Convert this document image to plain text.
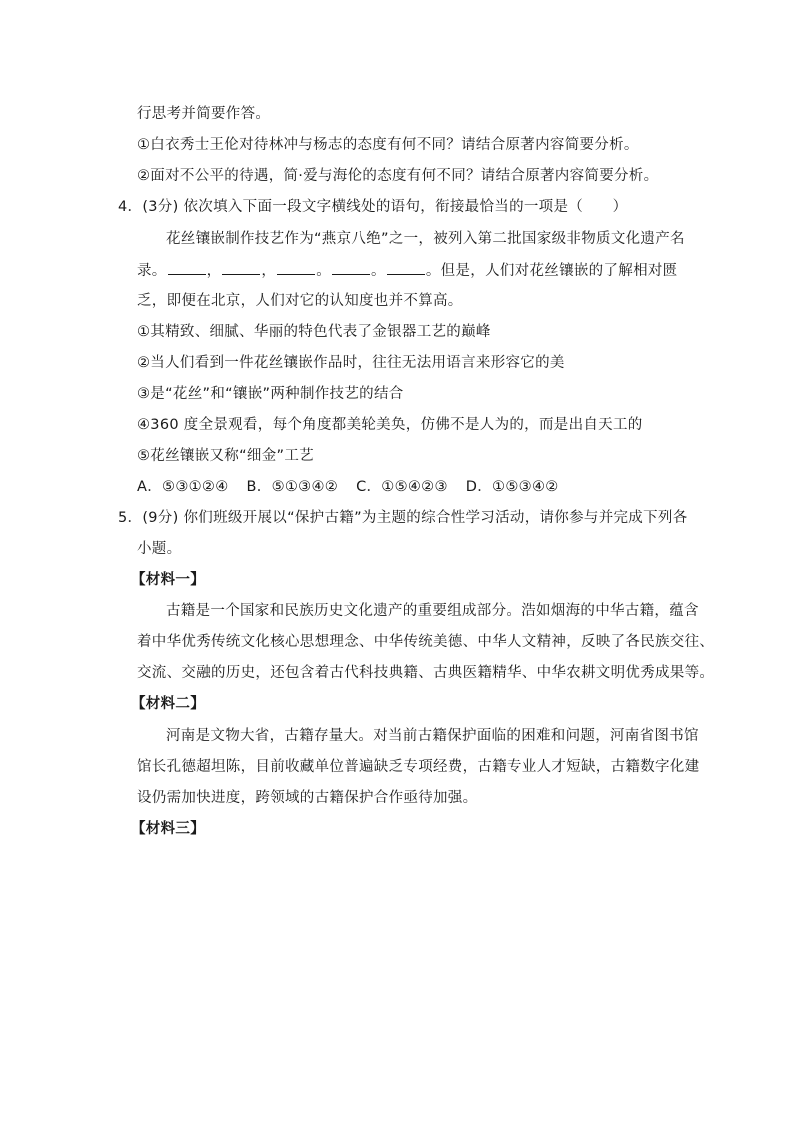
行思考并简要作答。
①白衣秀士王伦对待林冲与杨志的态度有何不同？请结合原著内容简要分析。
②面对不公平的待遇，简·爱与海伦的态度有何不同？请结合原著内容简要分析。
4．(3分) 依次填入下面一段文字横线处的语句，衔接最恰当的一项是（　　）
花丝镶嵌制作技艺作为“燕京八绝”之一，被列入第二批国家级非物质文化遗产名
录。	，	，	。	。	。但是，人们对花丝镶嵌的了解相对匮
乏，即便在北京，人们对它的认知度也并不算高。
①其精致、细腻、华丽的特色代表了金银器工艺的巅峰
②当人们看到一件花丝镶嵌作品时，往往无法用语言来形容它的美
③是“花丝”和“镶嵌”两种制作技艺的结合
④360 度全景观看，每个角度都美轮美奂，仿佛不是人为的，而是出自天工的
⑤花丝镶嵌又称“细金”工艺
A．⑤③①②④ B．⑤①③④② C．①⑤④②③ D．①⑤③④②
5．(9分) 你们班级开展以“保护古籍”为主题的综合性学习活动，请你参与并完成下列各
小题。
【材料一】
古籍是一个国家和民族历史文化遗产的重要组成部分。浩如烟海的中华古籍，蕴含
着中华优秀传统文化核心思想理念、中华传统美德、中华人文精神，反映了各民族交往、
交流、交融的历史，还包含着古代科技典籍、古典医籍精华、中华农耕文明优秀成果等。
【材料二】
河南是文物大省，古籍存量大。对当前古籍保护面临的困难和问题，河南省图书馆
馆长孔德超坦陈，目前收藏单位普遍缺乏专项经费，古籍专业人才短缺，古籍数字化建
设仍需加快进度，跨领域的古籍保护合作亟待加强。
【材料三】
